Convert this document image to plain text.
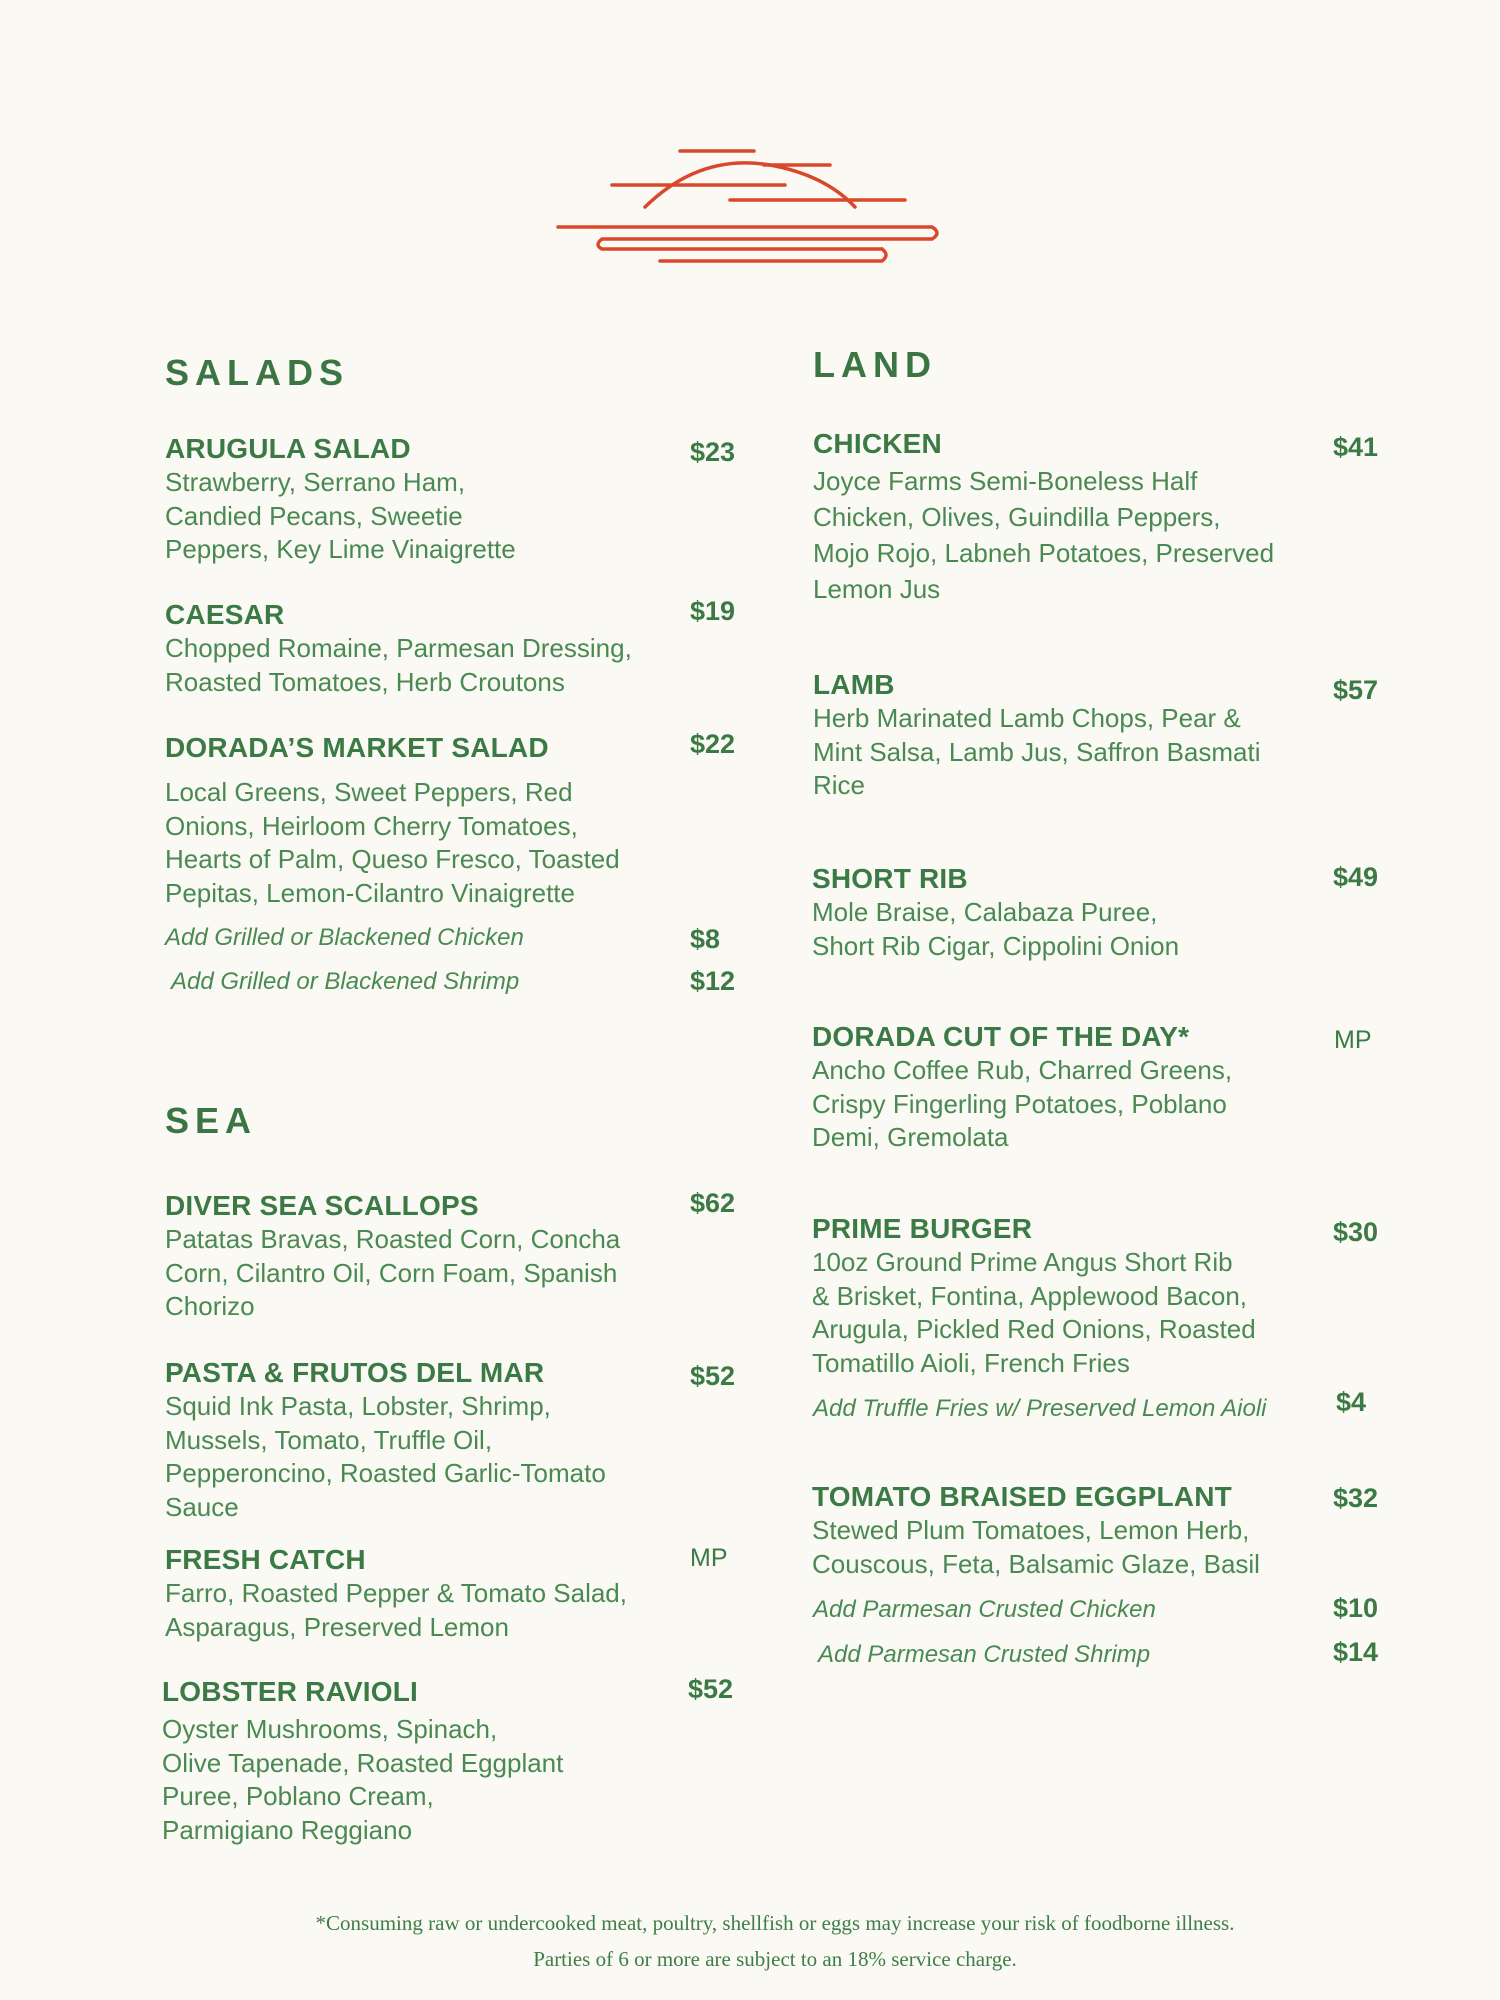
SALADS
ARUGULA SALAD
Strawberry, Serrano Ham,
Candied Pecans, Sweetie
Peppers, Key Lime Vinaigrette
$23
CAESAR
Chopped Romaine, Parmesan Dressing,
Roasted Tomatoes, Herb Croutons
$19
DORADA’S MARKET SALAD
Local Greens, Sweet Peppers, Red
Onions, Heirloom Cherry Tomatoes,
Hearts of Palm, Queso Fresco, Toasted
Pepitas, Lemon-Cilantro Vinaigrette
$22
Add Grilled or Blackened Chicken	$8
Add Grilled or Blackened Shrimp	$12
SEA
DIVER SEA SCALLOPS
Patatas Bravas, Roasted Corn, Concha
Corn, Cilantro Oil, Corn Foam, Spanish
Chorizo
$62
PASTA & FRUTOS DEL MAR
Squid Ink Pasta, Lobster, Shrimp,
Mussels, Tomato, Truffle Oil,
Pepperoncino, Roasted Garlic-Tomato
Sauce
$52
FRESH CATCH
Farro, Roasted Pepper & Tomato Salad,
Asparagus, Preserved Lemon
MP
LOBSTER RAVIOLI
Oyster Mushrooms, Spinach,
Olive Tapenade, Roasted Eggplant
Puree, Poblano Cream,
Parmigiano Reggiano
$52
LAND
CHICKEN
Joyce Farms Semi-Boneless Half
Chicken, Olives, Guindilla Peppers,
Mojo Rojo, Labneh Potatoes, Preserved
Lemon Jus
$41
LAMB
Herb Marinated Lamb Chops, Pear &
Mint Salsa, Lamb Jus, Saffron Basmati
Rice
$57
SHORT RIB
Mole Braise, Calabaza Puree,
Short Rib Cigar, Cippolini Onion
$49
DORADA CUT OF THE DAY*
Ancho Coffee Rub, Charred Greens,
Crispy Fingerling Potatoes, Poblano
Demi, Gremolata
MP
PRIME BURGER
10oz Ground Prime Angus Short Rib
& Brisket, Fontina, Applewood Bacon,
Arugula, Pickled Red Onions, Roasted
Tomatillo Aioli, French Fries
$30
Add Truffle Fries w/ Preserved Lemon Aioli	$4
TOMATO BRAISED EGGPLANT
Stewed Plum Tomatoes, Lemon Herb,
Couscous, Feta, Balsamic Glaze, Basil
$32
Add Parmesan Crusted Chicken	$10
Add Parmesan Crusted Shrimp	$14
*Consuming raw or undercooked meat, poultry, shellfish or eggs may increase your risk of foodborne illness.
Parties of 6 or more are subject to an 18% service charge.
